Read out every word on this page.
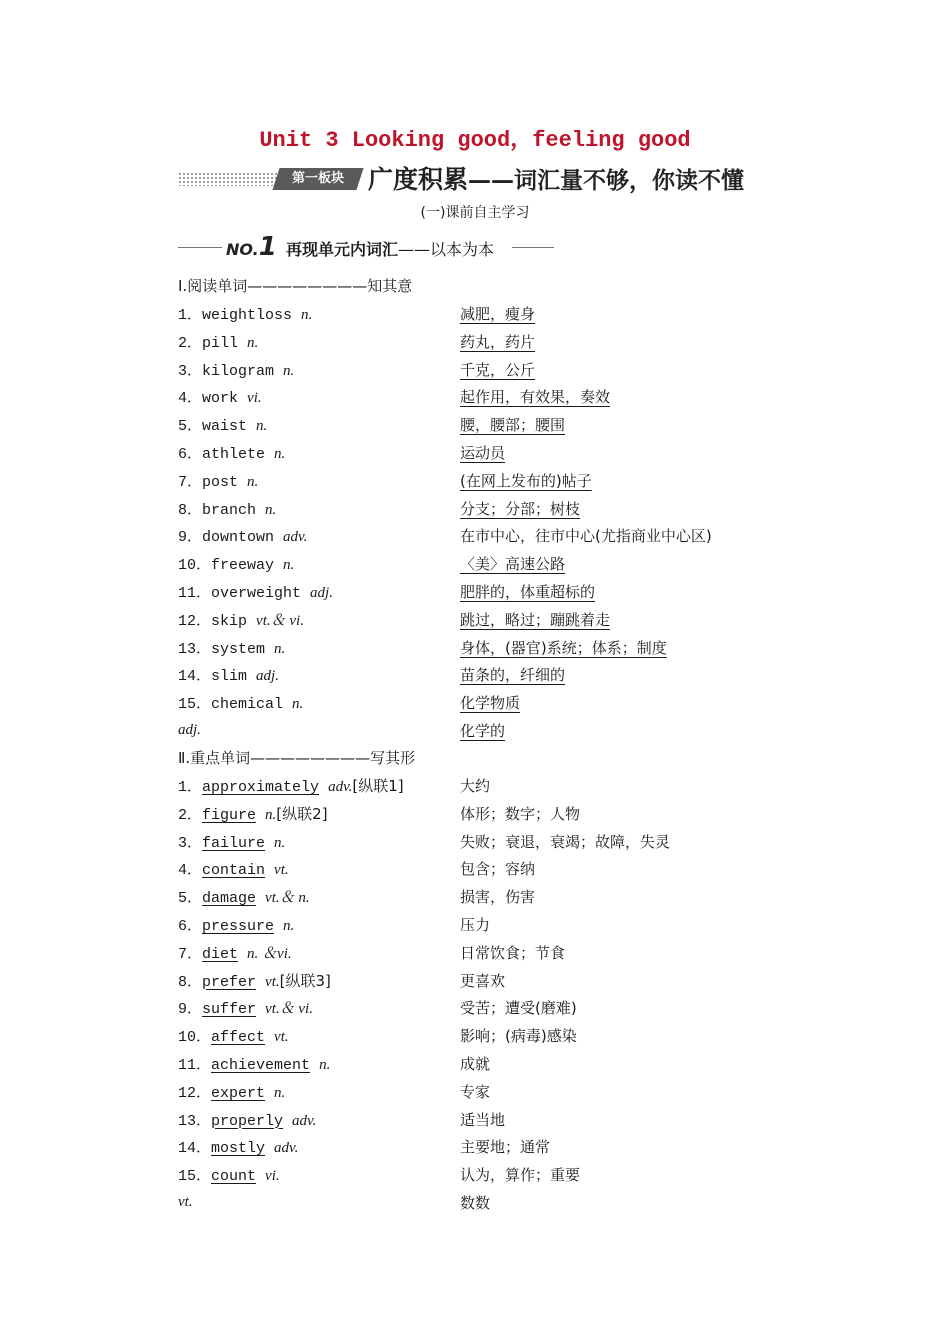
Unit 3 Looking good，feeling good
第一板块 广度积累——词汇量不够，你读不懂
(一)课前自主学习
NO.1 再现单元内词汇——以本为本
Ⅰ.阅读单词————————知其意
1．weightloss n.	减肥，瘦身
2．pill n.	药丸，药片
3．kilogram n.	千克，公斤
4．work vi.	起作用，有效果，奏效
5．waist n.	腰，腰部；腰围
6．athlete n.	运动员
7．post n.	(在网上发布的)帖子
8．branch n.	分支；分部；树枝
9．downtown adv.	在市中心，往市中心(尤指商业中心区)
10．freeway n.	〈美〉高速公路
11．overweight adj.	肥胖的，体重超标的
12．skip vt.＆ vi.	跳过，略过；蹦跳着走
13．system n.	身体，(器官)系统；体系；制度
14．slim adj.	苗条的，纤细的
15．chemical n.	化学物质
adj.	化学的
Ⅱ.重点单词————————写其形
1．approximately adv.[纵联1]	大约
2．figure n.[纵联2]	体形；数字；人物
3．failure n.	失败；衰退，衰竭；故障，失灵
4．contain vt.	包含；容纳
5．damage vt.＆ n.	损害，伤害
6．pressure n.	压力
7．diet n. ＆vi.	日常饮食；节食
8．prefer vt.[纵联3]	更喜欢
9．suffer vt.＆ vi.	受苦；遭受(磨难)
10．affect vt.	影响；(病毒)感染
11．achievement n.	成就
12．expert n.	专家
13．properly adv.	适当地
14．mostly adv.	主要地；通常
15．count vi.	认为，算作；重要
vt.	数数
